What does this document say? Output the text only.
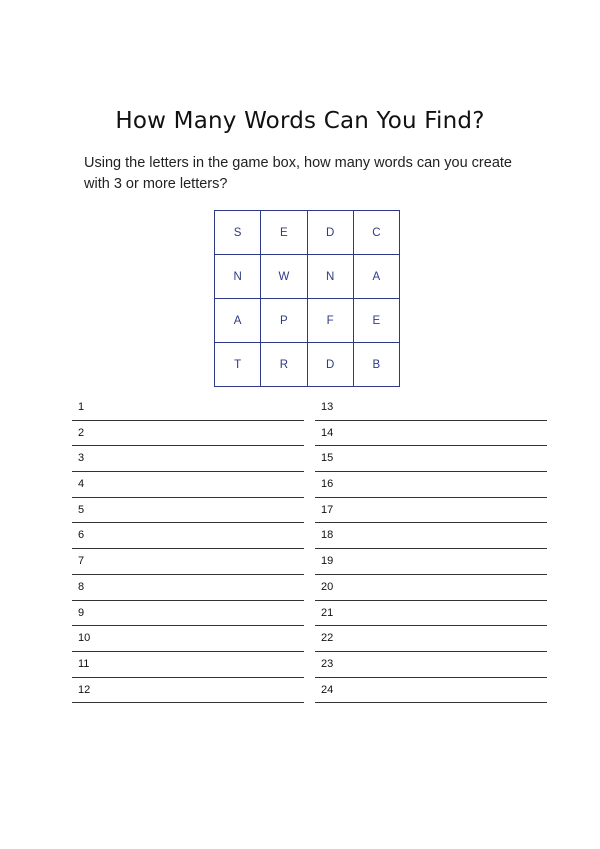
How Many Words Can You Find?
Using the letters in the game box, how many words can you create with 3 or more letters?
S	E	D	C
N	W	N	A
A	P	F	E
T	R	D	B
1
2
3
4
5
6
7
8
9
10
11
12
13
14
15
16
17
18
19
20
21
22
23
24
